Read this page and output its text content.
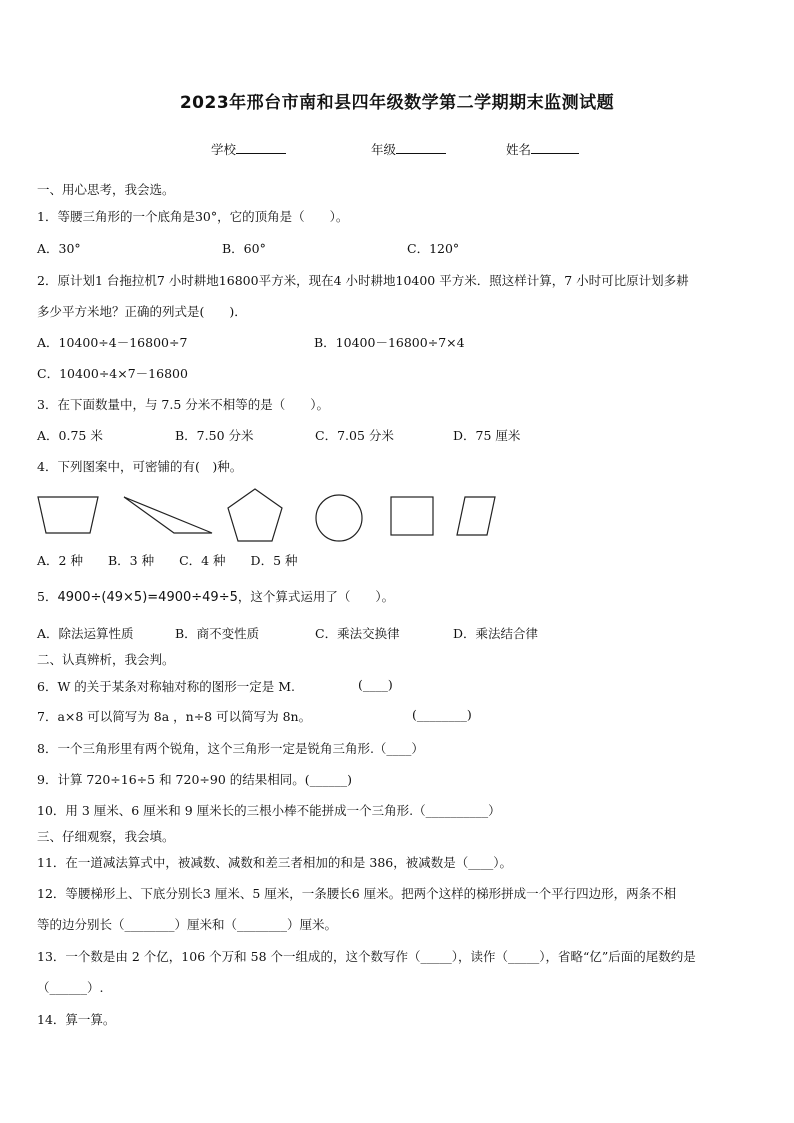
2023年邢台市南和县四年级数学第二学期期末监测试题
学校	年级	姓名
一、用心思考，我会选。
1．等腰三角形的一个底角是30°，它的顶角是（　　）。
A．30°	B．60°	C．120°
2．原计划1 台拖拉机7 小时耕地16800平方米，现在4 小时耕地10400 平方米．照这样计算，7 小时可比原计划多耕
多少平方米地？正确的列式是(　　)．
A．10400÷4－16800÷7	B．10400－16800÷7×4
C．10400÷4×7－16800
3．在下面数量中，与 7.5 分米不相等的是（　　）。
A．0.75 米	B．7.50 分米	C．7.05 分米	D．75 厘米
4．下列图案中，可密铺的有(　)种。
A．2 种　　B．3 种　　C．4 种　　D．5 种
5．4900÷(49×5)=4900÷49÷5，这个算式运用了（　　）。
A．除法运算性质	B．商不变性质	C．乘法交换律	D．乘法结合律
二、认真辨析，我会判。
6．W 的关于某条对称轴对称的图形一定是 M.	(____)
7．a×8 可以简写为 8a ，n÷8 可以简写为 8n。	(________)
8．一个三角形里有两个锐角，这个三角形一定是锐角三角形.（____）
9．计算 720÷16÷5 和 720÷90 的结果相同。(______)
10．用 3 厘米、6 厘米和 9 厘米长的三根小棒不能拼成一个三角形.（__________）
三、仔细观察，我会填。
11．在一道减法算式中，被减数、减数和差三者相加的和是 386，被减数是（____）。
12．等腰梯形上、下底分别长3 厘米、5 厘米，一条腰长6 厘米。把两个这样的梯形拼成一个平行四边形，两条不相
等的边分别长（________）厘米和（________）厘米。
13．一个数是由 2 个亿，106 个万和 58 个一组成的，这个数写作（_____），读作（_____），省略“亿”后面的尾数约是
（______）.
14．算一算。
